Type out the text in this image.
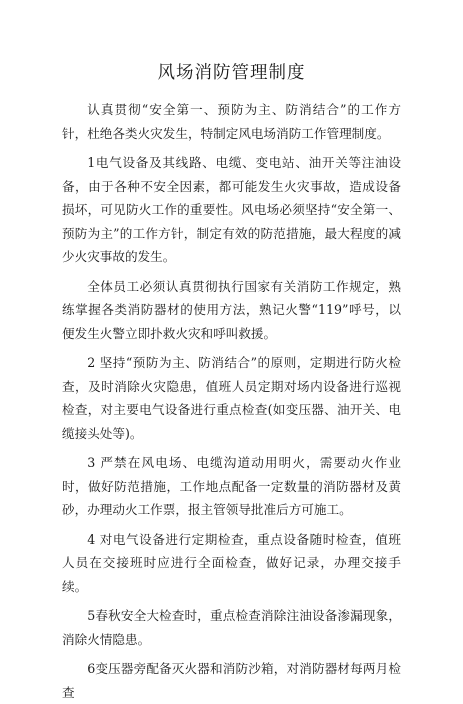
风场消防管理制度

认真贯彻“安全第一、预防为主、防消结合”的工作方针，杜绝各类火灾发生，特制定风电场消防工作管理制度。

1电气设备及其线路、电缆、变电站、油开关等注油设备，由于各种不安全因素，都可能发生火灾事故，造成设备损坏，可见防火工作的重要性。风电场必须坚持“安全第一、预防为主”的工作方针，制定有效的防范措施，最大程度的减少火灾事故的发生。

全体员工必须认真贯彻执行国家有关消防工作规定，熟练掌握各类消防器材的使用方法，熟记火警“119”呼号，以便发生火警立即扑救火灾和呼叫救援。

2 坚持“预防为主、防消结合”的原则，定期进行防火检查，及时消除火灾隐患，值班人员定期对场内设备进行巡视检查，对主要电气设备进行重点检查(如变压器、油开关、电缆接头处等)。

3 严禁在风电场、电缆沟道动用明火，需要动火作业时，做好防范措施，工作地点配备一定数量的消防器材及黄砂，办理动火工作票，报主管领导批准后方可施工。

4 对电气设备进行定期检查，重点设备随时检查，值班人员在交接班时应进行全面检查，做好记录，办理交接手续。

5春秋安全大检查时，重点检查消除注油设备渗漏现象，消除火情隐患。

6变压器旁配备灭火器和消防沙箱，对消防器材每两月检查
